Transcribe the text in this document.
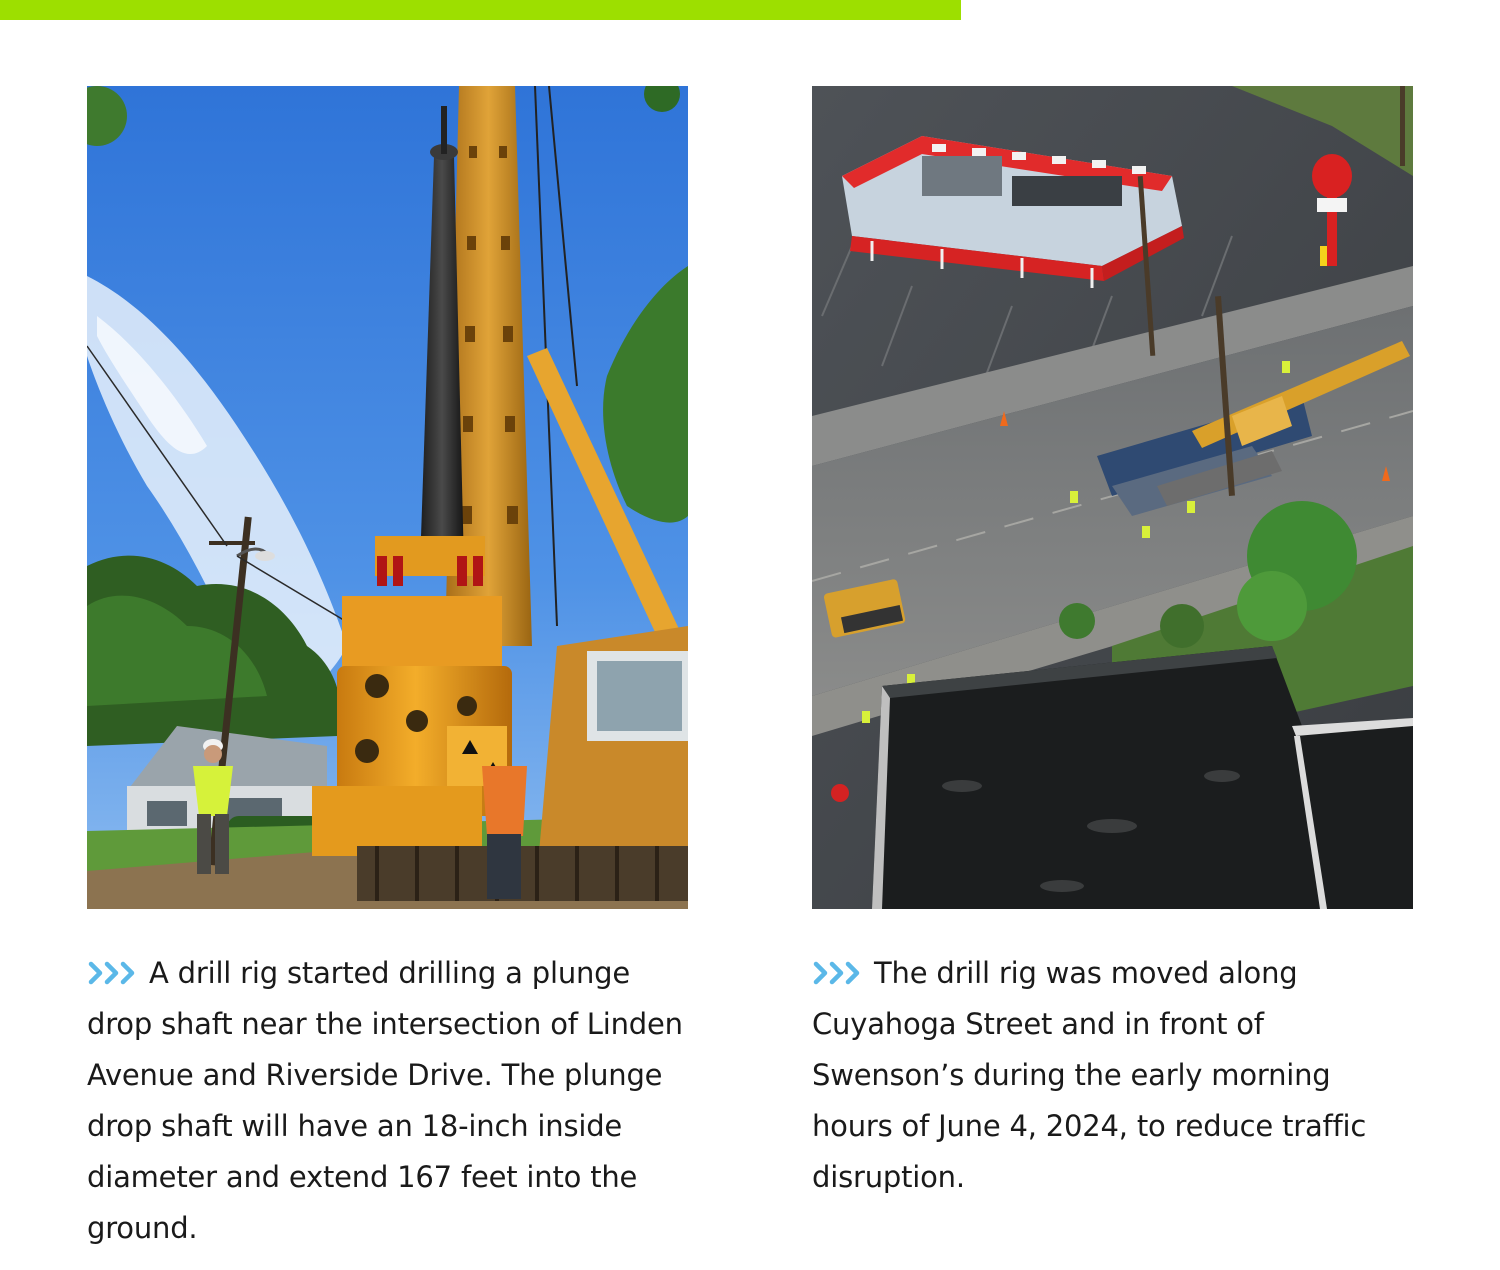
A drill rig started drilling a plunge drop shaft near the intersection of Linden Avenue and Riverside Drive. The plunge drop shaft will have an 18-inch inside diameter and extend 167 feet into the ground.
The drill rig was moved along Cuyahoga Street and in front of Swenson’s during the early morning hours of June 4, 2024, to reduce traffic disruption.
